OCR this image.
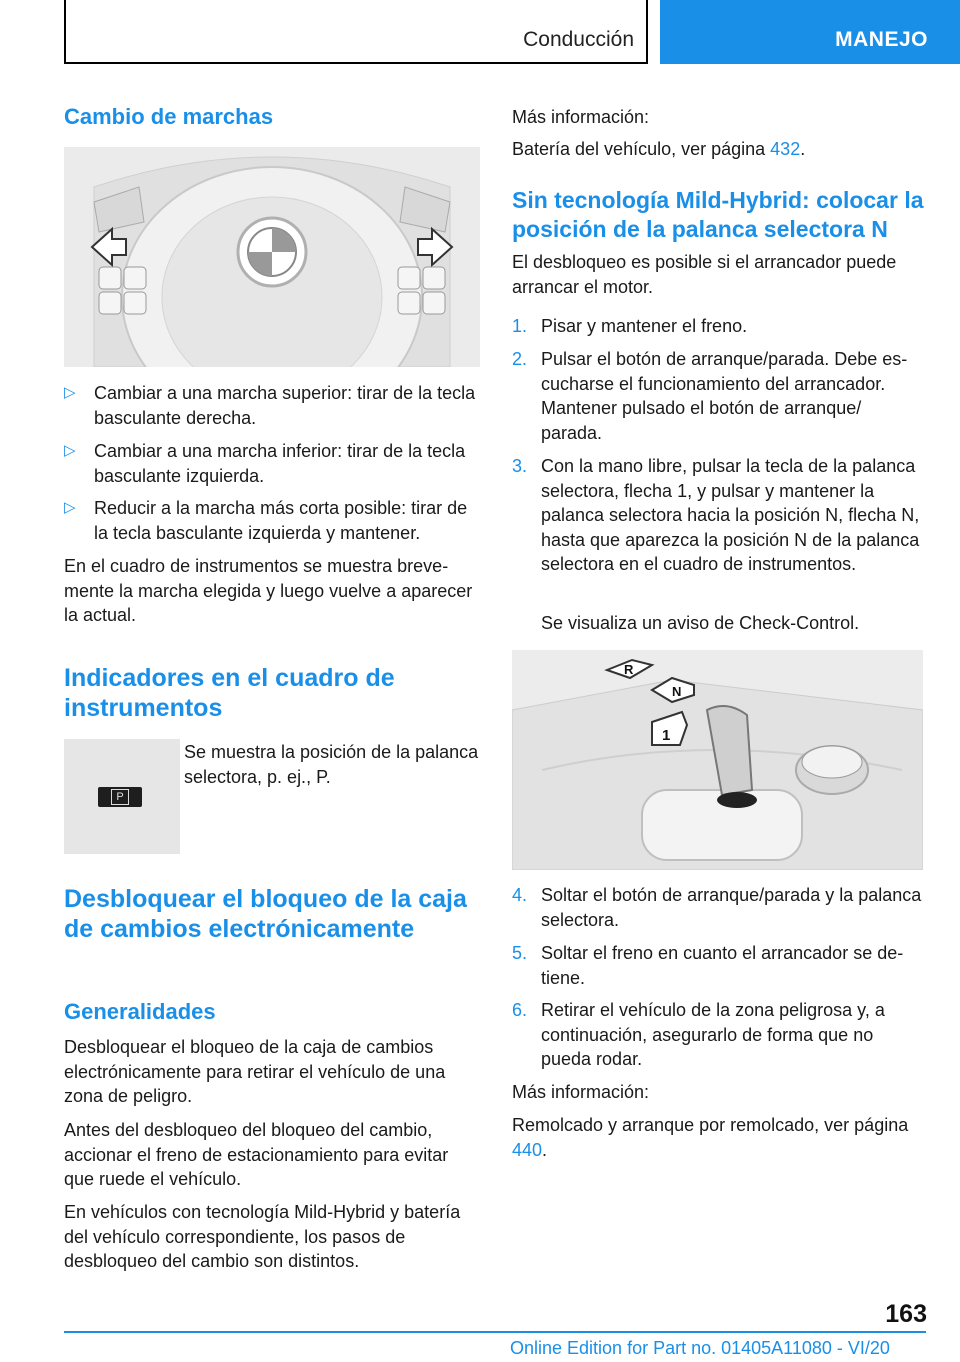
Conducción	MANEJO
Cambio de marchas
▷ Cambiar a una marcha superior: tirar de la tecla basculante derecha.
▷ Cambiar a una marcha inferior: tirar de la tecla basculante izquierda.
▷ Reducir a la marcha más corta posible: tirar de la tecla basculante izquierda y mantener.

En el cuadro de instrumentos se muestra brevemente la marcha elegida y luego vuelve a aparecer la actual.

Indicadores en el cuadro de instrumentos
P

Se muestra la posición de la palanca selectora, p. ej., P.

Desbloquear el bloqueo de la caja de cambios electrónicamente
Generalidades

Desbloquear el bloqueo de la caja de cambios electrónicamente para retirar el vehículo de una zona de peligro.

Antes del desbloqueo del bloqueo del cambio, accionar el freno de estacionamiento para evitar que ruede el vehículo.

En vehículos con tecnología Mild-Hybrid y batería del vehículo correspondiente, los pasos de desbloqueo del cambio son distintos.

Más información:

Batería del vehículo, ver página 432.

Sin tecnología Mild-Hybrid: colocar la posición de la palanca selectora N

El desbloqueo es posible si el arrancador puede arrancar el motor.

1. Pisar y mantener el freno.
2. Pulsar el botón de arranque/parada. Debe escucharse el funcionamiento del arrancador. Mantener pulsado el botón de arranque/ parada.
3. Con la mano libre, pulsar la tecla de la palanca selectora, flecha 1, y pulsar y mantener la palanca selectora hacia la posición N, flecha N, hasta que aparezca la posición N de la palanca selectora en el cuadro de instrumentos.

Se visualiza un aviso de Check-Control.

R
N
1
4. Soltar el botón de arranque/parada y la palanca selectora.
5. Soltar el freno en cuanto el arrancador se detiene.
6. Retirar el vehículo de la zona peligrosa y, a continuación, asegurarlo de forma que no pueda rodar.

Más información:

Remolcado y arranque por remolcado, ver página 440.

163
Online Edition for Part no. 01405A11080 - VI/20
